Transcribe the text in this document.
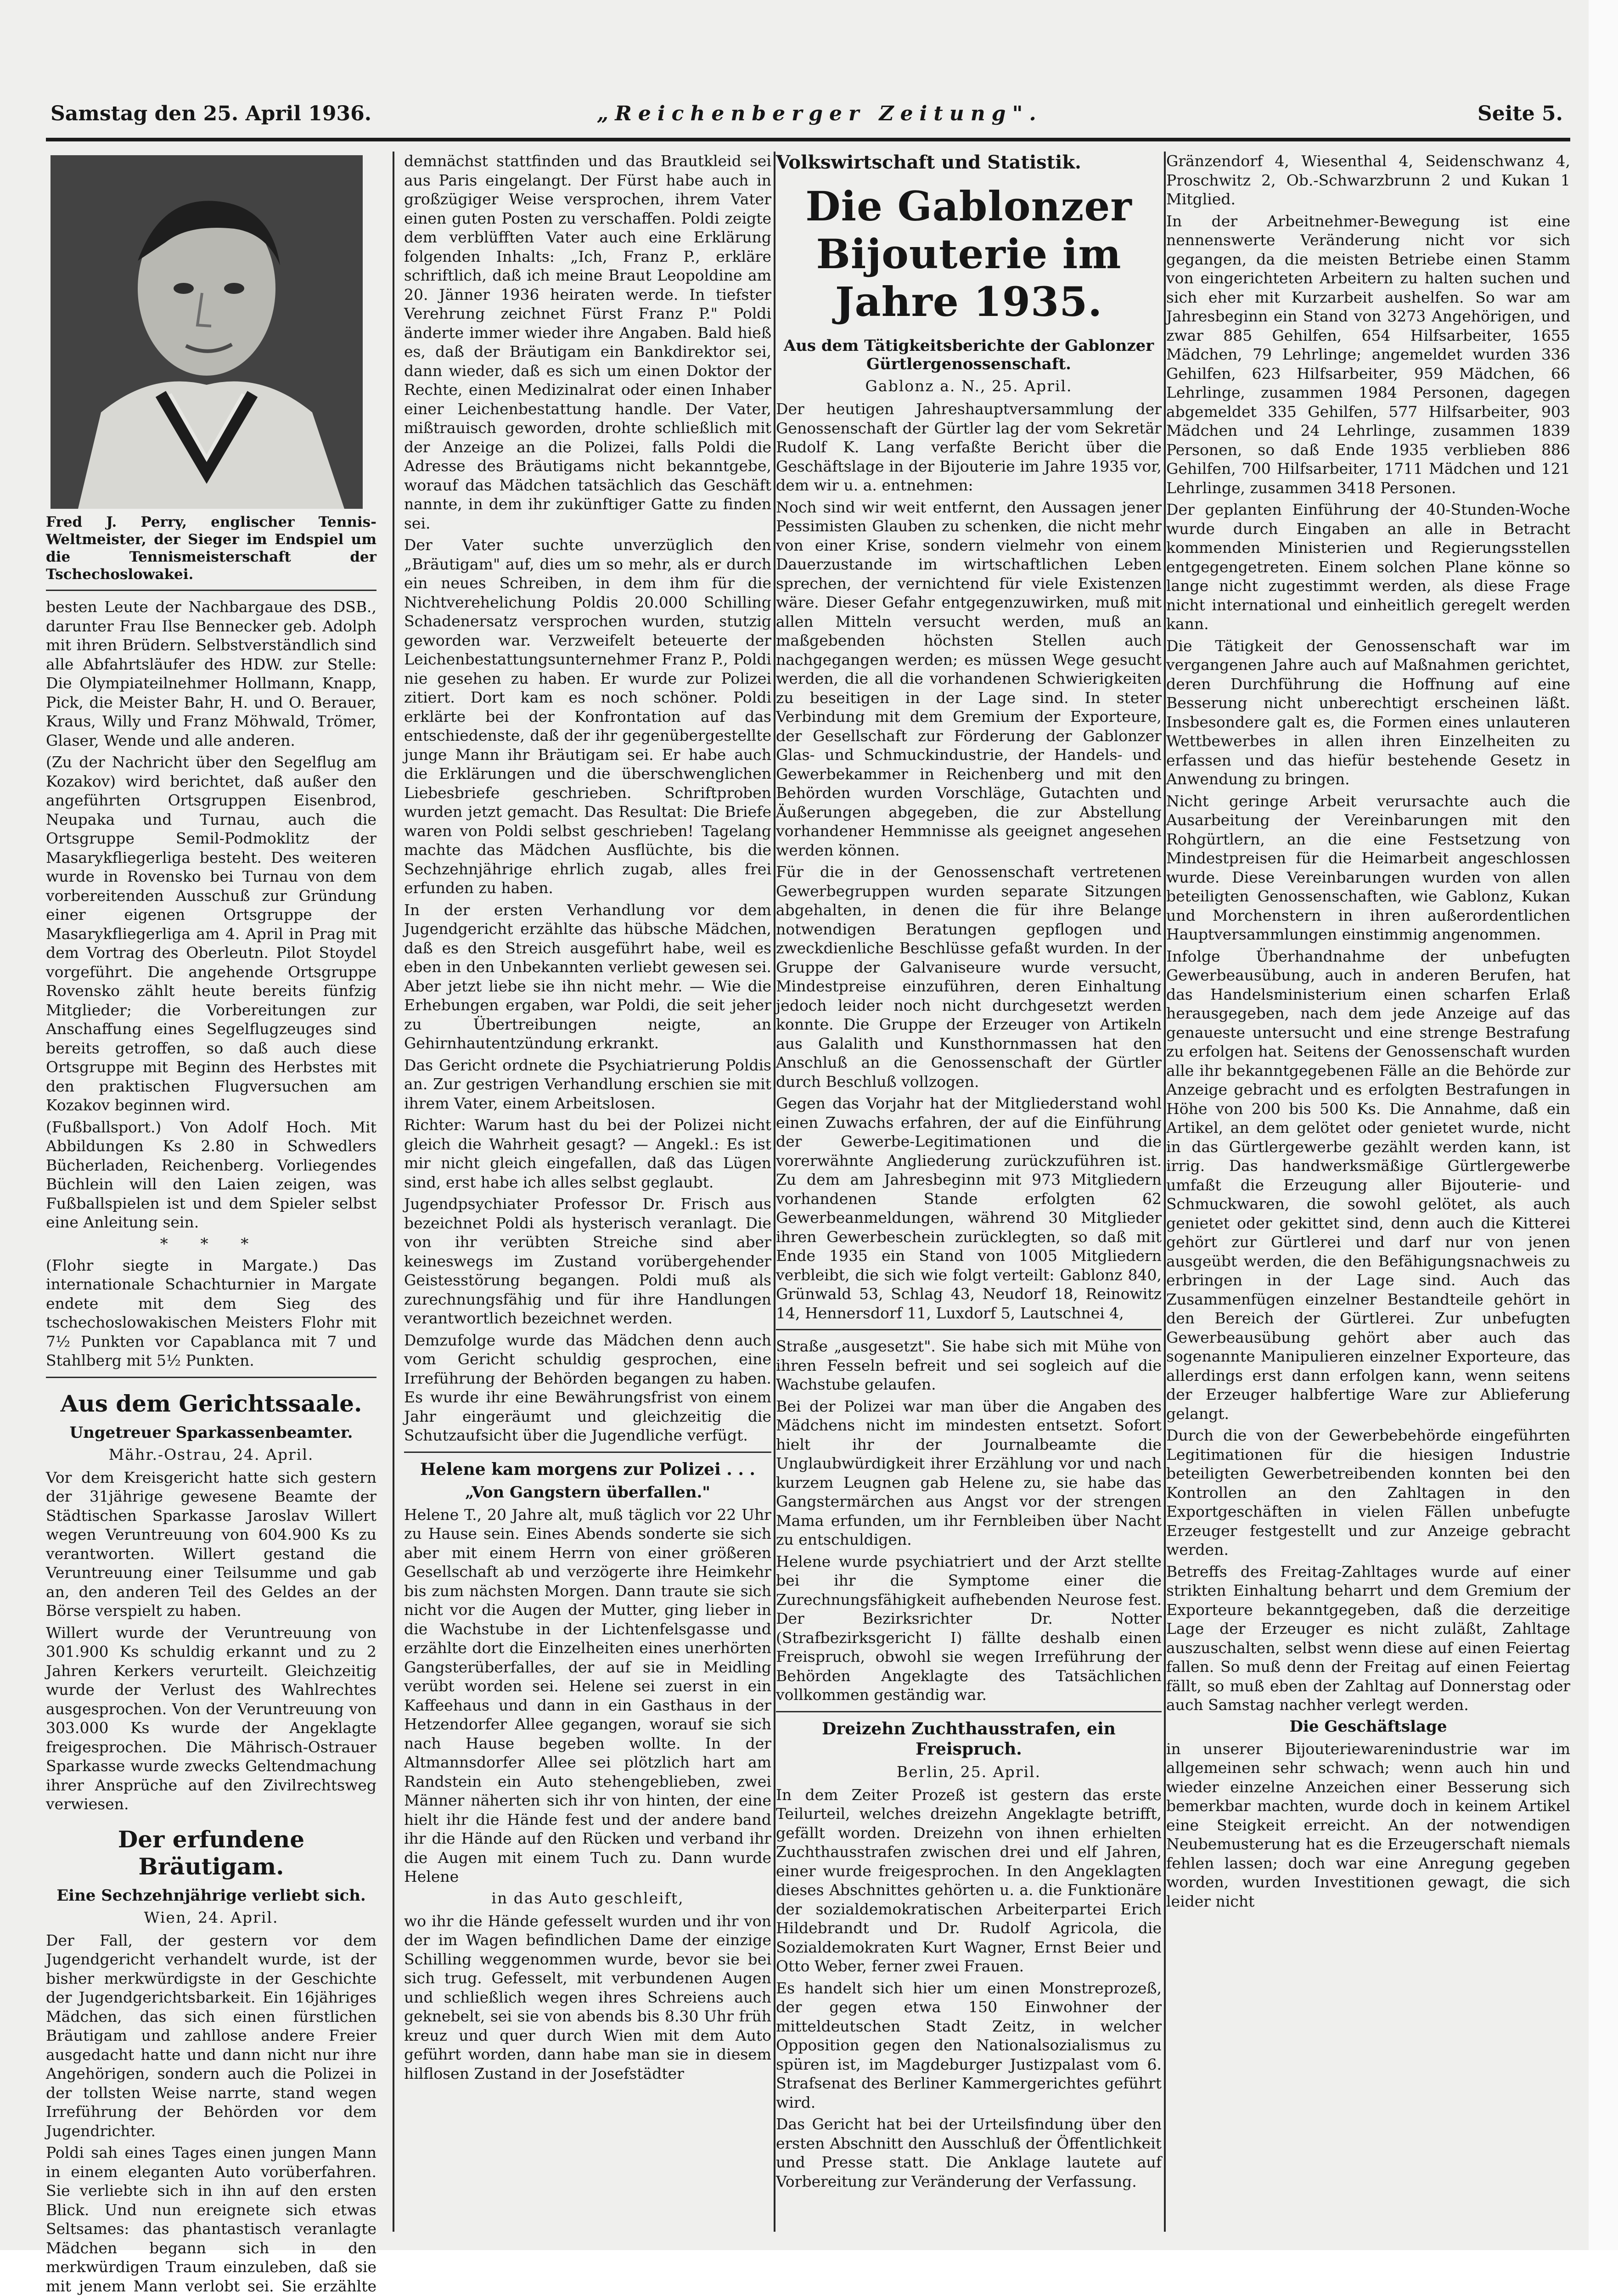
Samstag den 25. April 1936.	„Reichenberger Zeitung".	Seite 5.
Fred J. Perry, englischer Tennis-Weltmeister, der Sieger im Endspiel um die Tennismeisterschaft der Tschechoslowakei.

besten Leute der Nachbargaue des DSB., darunter Frau Ilse Bennecker geb. Adolph mit ihren Brüdern. Selbstverständlich sind alle Abfahrtsläufer des HDW. zur Stelle: Die Olympiateilnehmer Hollmann, Knapp, Pick, die Meister Bahr, H. und O. Berauer, Kraus, Willy und Franz Möhwald, Trömer, Glaser, Wende und alle anderen.

(Zu der Nachricht über den Segelflug am Kozakov) wird berichtet, daß außer den angeführten Ortsgruppen Eisenbrod, Neupaka und Turnau, auch die Ortsgruppe Semil-Podmoklitz der Masarykfliegerliga besteht. Des weiteren wurde in Rovensko bei Turnau von dem vorbereitenden Ausschuß zur Gründung einer eigenen Ortsgruppe der Masarykfliegerliga am 4. April in Prag mit dem Vortrag des Oberleutn. Pilot Stoydel vorgeführt. Die angehende Ortsgruppe Rovensko zählt heute bereits fünfzig Mitglieder; die Vorbereitungen zur Anschaffung eines Segelflugzeuges sind bereits getroffen, so daß auch diese Ortsgruppe mit Beginn des Herbstes mit den praktischen Flugversuchen am Kozakov beginnen wird.

(Fußballsport.) Von Adolf Hoch. Mit Abbildungen Ks 2.80 in Schwedlers Bücherladen, Reichenberg. Vorliegendes Büchlein will den Laien zeigen, was Fußballspielen ist und dem Spieler selbst eine Anleitung sein.

* * *

(Flohr siegte in Margate.) Das internationale Schachturnier in Margate endete mit dem Sieg des tschechoslowakischen Meisters Flohr mit 7½ Punkten vor Capablanca mit 7 und Stahlberg mit 5½ Punkten.

Aus dem Gerichtssaale.
Ungetreuer Sparkassenbeamter.
Mähr.-Ostrau, 24. April.

Vor dem Kreisgericht hatte sich gestern der 31jährige gewesene Beamte der Städtischen Sparkasse Jaroslav Willert wegen Veruntreuung von 604.900 Ks zu verantworten. Willert gestand die Veruntreuung einer Teilsumme und gab an, den anderen Teil des Geldes an der Börse verspielt zu haben.

Willert wurde der Veruntreuung von 301.900 Ks schuldig erkannt und zu 2 Jahren Kerkers verurteilt. Gleichzeitig wurde der Verlust des Wahlrechtes ausgesprochen. Von der Veruntreuung von 303.000 Ks wurde der Angeklagte freigesprochen. Die Mährisch-Ostrauer Sparkasse wurde zwecks Geltendmachung ihrer Ansprüche auf den Zivilrechtsweg verwiesen.

Der erfundene Bräutigam.
Eine Sechzehnjährige verliebt sich.
Wien, 24. April.

Der Fall, der gestern vor dem Jugendgericht verhandelt wurde, ist der bisher merkwürdigste in der Geschichte der Jugendgerichtsbarkeit. Ein 16jähriges Mädchen, das sich einen fürstlichen Bräutigam und zahllose andere Freier ausgedacht hatte und dann nicht nur ihre Angehörigen, sondern auch die Polizei in der tollsten Weise narrte, stand wegen Irreführung der Behörden vor dem Jugendrichter.

Poldi sah eines Tages einen jungen Mann in einem eleganten Auto vorüberfahren. Sie verliebte sich in ihn auf den ersten Blick. Und nun ereignete sich etwas Seltsames: das phantastisch veranlagte Mädchen begann sich in den merkwürdigen Traum einzuleben, daß sie mit jenem Mann verlobt sei. Sie erzählte

demnächst stattfinden und das Brautkleid sei aus Paris eingelangt. Der Fürst habe auch in großzügiger Weise versprochen, ihrem Vater einen guten Posten zu verschaffen. Poldi zeigte dem verblüfften Vater auch eine Erklärung folgenden Inhalts: „Ich, Franz P., erkläre schriftlich, daß ich meine Braut Leopoldine am 20. Jänner 1936 heiraten werde. In tiefster Verehrung zeichnet Fürst Franz P." Poldi änderte immer wieder ihre Angaben. Bald hieß es, daß der Bräutigam ein Bankdirektor sei, dann wieder, daß es sich um einen Doktor der Rechte, einen Medizinalrat oder einen Inhaber einer Leichenbestattung handle. Der Vater, mißtrauisch geworden, drohte schließlich mit der Anzeige an die Polizei, falls Poldi die Adresse des Bräutigams nicht bekanntgebe, worauf das Mädchen tatsächlich das Geschäft nannte, in dem ihr zukünftiger Gatte zu finden sei.

Der Vater suchte unverzüglich den „Bräutigam" auf, dies um so mehr, als er durch ein neues Schreiben, in dem ihm für die Nichtverehelichung Poldis 20.000 Schilling Schadenersatz versprochen wurden, stutzig geworden war. Verzweifelt beteuerte der Leichenbestattungsunternehmer Franz P., Poldi nie gesehen zu haben. Er wurde zur Polizei zitiert. Dort kam es noch schöner. Poldi erklärte bei der Konfrontation auf das entschiedenste, daß der ihr gegenübergestellte junge Mann ihr Bräutigam sei. Er habe auch die Erklärungen und die überschwenglichen Liebesbriefe geschrieben. Schriftproben wurden jetzt gemacht. Das Resultat: Die Briefe waren von Poldi selbst geschrieben! Tagelang machte das Mädchen Ausflüchte, bis die Sechzehnjährige ehrlich zugab, alles frei erfunden zu haben.

In der ersten Verhandlung vor dem Jugendgericht erzählte das hübsche Mädchen, daß es den Streich ausgeführt habe, weil es eben in den Unbekannten verliebt gewesen sei. Aber jetzt liebe sie ihn nicht mehr. — Wie die Erhebungen ergaben, war Poldi, die seit jeher zu Übertreibungen neigte, an Gehirnhautentzündung erkrankt.

Das Gericht ordnete die Psychiatrierung Poldis an. Zur gestrigen Verhandlung erschien sie mit ihrem Vater, einem Arbeitslosen.

Richter: Warum hast du bei der Polizei nicht gleich die Wahrheit gesagt? — Angekl.: Es ist mir nicht gleich eingefallen, daß das Lügen sind, erst habe ich alles selbst geglaubt.

Jugendpsychiater Professor Dr. Frisch aus bezeichnet Poldi als hysterisch veranlagt. Die von ihr verübten Streiche sind aber keineswegs im Zustand vorübergehender Geistesstörung begangen. Poldi muß als zurechnungsfähig und für ihre Handlungen verantwortlich bezeichnet werden.

Demzufolge wurde das Mädchen denn auch vom Gericht schuldig gesprochen, eine Irreführung der Behörden begangen zu haben. Es wurde ihr eine Bewährungsfrist von einem Jahr eingeräumt und gleichzeitig die Schutzaufsicht über die Jugendliche verfügt.

Helene kam morgens zur Polizei . . .
„Von Gangstern überfallen."

Helene T., 20 Jahre alt, muß täglich vor 22 Uhr zu Hause sein. Eines Abends sonderte sie sich aber mit einem Herrn von einer größeren Gesellschaft ab und verzögerte ihre Heimkehr bis zum nächsten Morgen. Dann traute sie sich nicht vor die Augen der Mutter, ging lieber in die Wachstube in der Lichtenfelsgasse und erzählte dort die Einzelheiten eines unerhörten Gangsterüberfalles, der auf sie in Meidling verübt worden sei. Helene sei zuerst in ein Kaffeehaus und dann in ein Gasthaus in der Hetzendorfer Allee gegangen, worauf sie sich nach Hause begeben wollte. In der Altmannsdorfer Allee sei plötzlich hart am Randstein ein Auto stehengeblieben, zwei Männer näherten sich ihr von hinten, der eine hielt ihr die Hände fest und der andere band ihr die Hände auf den Rücken und verband ihr die Augen mit einem Tuch zu. Dann wurde Helene

in das Auto geschleift,

wo ihr die Hände gefesselt wurden und ihr von der im Wagen befindlichen Dame der einzige Schilling weggenommen wurde, bevor sie bei sich trug. Gefesselt, mit verbundenen Augen und schließlich wegen ihres Schreiens auch geknebelt, sei sie von abends bis 8.30 Uhr früh kreuz und quer durch Wien mit dem Auto geführt worden, dann habe man sie in diesem hilflosen Zustand in der Josefstädter

Volkswirtschaft und Statistik.
Die Gablonzer Bijouterie im Jahre 1935.
Aus dem Tätigkeitsberichte der Gablonzer Gürtlergenossenschaft.
Gablonz a. N., 25. April.

Der heutigen Jahreshauptversammlung der Genossenschaft der Gürtler lag der vom Sekretär Rudolf K. Lang verfaßte Bericht über die Geschäftslage in der Bijouterie im Jahre 1935 vor, dem wir u. a. entnehmen:

Noch sind wir weit entfernt, den Aussagen jener Pessimisten Glauben zu schenken, die nicht mehr von einer Krise, sondern vielmehr von einem Dauerzustande im wirtschaftlichen Leben sprechen, der vernichtend für viele Existenzen wäre. Dieser Gefahr entgegenzuwirken, muß mit allen Mitteln versucht werden, muß an maßgebenden höchsten Stellen auch nachgegangen werden; es müssen Wege gesucht werden, die all die vorhandenen Schwierigkeiten zu beseitigen in der Lage sind. In steter Verbindung mit dem Gremium der Exporteure, der Gesellschaft zur Förderung der Gablonzer Glas- und Schmuckindustrie, der Handels- und Gewerbekammer in Reichenberg und mit den Behörden wurden Vorschläge, Gutachten und Äußerungen abgegeben, die zur Abstellung vorhandener Hemmnisse als geeignet angesehen werden können.

Für die in der Genossenschaft vertretenen Gewerbegruppen wurden separate Sitzungen abgehalten, in denen die für ihre Belange notwendigen Beratungen gepflogen und zweckdienliche Beschlüsse gefaßt wurden. In der Gruppe der Galvaniseure wurde versucht, Mindestpreise einzuführen, deren Einhaltung jedoch leider noch nicht durchgesetzt werden konnte. Die Gruppe der Erzeuger von Artikeln aus Galalith und Kunsthornmassen hat den Anschluß an die Genossenschaft der Gürtler durch Beschluß vollzogen.

Gegen das Vorjahr hat der Mitgliederstand wohl einen Zuwachs erfahren, der auf die Einführung der Gewerbe-Legitimationen und die vorerwähnte Angliederung zurückzuführen ist. Zu dem am Jahresbeginn mit 973 Mitgliedern vorhandenen Stande erfolgten 62 Gewerbeanmeldungen, während 30 Mitglieder ihren Gewerbeschein zurücklegten, so daß mit Ende 1935 ein Stand von 1005 Mitgliedern verbleibt, die sich wie folgt verteilt: Gablonz 840, Grünwald 53, Schlag 43, Neudorf 18, Reinowitz 14, Hennersdorf 11, Luxdorf 5, Lautschnei 4,

Straße „ausgesetzt". Sie habe sich mit Mühe von ihren Fesseln befreit und sei sogleich auf die Wachstube gelaufen.

Bei der Polizei war man über die Angaben des Mädchens nicht im mindesten entsetzt. Sofort hielt ihr der Journalbeamte die Unglaubwürdigkeit ihrer Erzählung vor und nach kurzem Leugnen gab Helene zu, sie habe das Gangstermärchen aus Angst vor der strengen Mama erfunden, um ihr Fernbleiben über Nacht zu entschuldigen.

Helene wurde psychiatriert und der Arzt stellte bei ihr die Symptome einer die Zurechnungsfähigkeit aufhebenden Neurose fest. Der Bezirksrichter Dr. Notter (Strafbezirksgericht I) fällte deshalb einen Freispruch, obwohl sie wegen Irreführung der Behörden Angeklagte des Tatsächlichen vollkommen geständig war.

Dreizehn Zuchthausstrafen, ein Freispruch.
Berlin, 25. April.

In dem Zeiter Prozeß ist gestern das erste Teilurteil, welches dreizehn Angeklagte betrifft, gefällt worden. Dreizehn von ihnen erhielten Zuchthausstrafen zwischen drei und elf Jahren, einer wurde freigesprochen. In den Angeklagten dieses Abschnittes gehörten u. a. die Funktionäre der sozialdemokratischen Arbeiterpartei Erich Hildebrandt und Dr. Rudolf Agricola, die Sozialdemokraten Kurt Wagner, Ernst Beier und Otto Weber, ferner zwei Frauen.

Es handelt sich hier um einen Monstreprozeß, der gegen etwa 150 Einwohner der mitteldeutschen Stadt Zeitz, in welcher Opposition gegen den Nationalsozialismus zu spüren ist, im Magdeburger Justizpalast vom 6. Strafsenat des Berliner Kammergerichtes geführt wird.

Das Gericht hat bei der Urteilsfindung über den ersten Abschnitt den Ausschluß der Öffentlichkeit und Presse statt. Die Anklage lautete auf Vorbereitung zur Veränderung der Verfassung.

Gränzendorf 4, Wiesenthal 4, Seidenschwanz 4, Proschwitz 2, Ob.-Schwarzbrunn 2 und Kukan 1 Mitglied.

In der Arbeitnehmer-Bewegung ist eine nennenswerte Veränderung nicht vor sich gegangen, da die meisten Betriebe einen Stamm von eingerichteten Arbeitern zu halten suchen und sich eher mit Kurzarbeit aushelfen. So war am Jahresbeginn ein Stand von 3273 Angehörigen, und zwar 885 Gehilfen, 654 Hilfsarbeiter, 1655 Mädchen, 79 Lehrlinge; angemeldet wurden 336 Gehilfen, 623 Hilfsarbeiter, 959 Mädchen, 66 Lehrlinge, zusammen 1984 Personen, dagegen abgemeldet 335 Gehilfen, 577 Hilfsarbeiter, 903 Mädchen und 24 Lehrlinge, zusammen 1839 Personen, so daß Ende 1935 verblieben 886 Gehilfen, 700 Hilfsarbeiter, 1711 Mädchen und 121 Lehrlinge, zusammen 3418 Personen.

Der geplanten Einführung der 40-Stunden-Woche wurde durch Eingaben an alle in Betracht kommenden Ministerien und Regierungsstellen entgegengetreten. Einem solchen Plane könne so lange nicht zugestimmt werden, als diese Frage nicht international und einheitlich geregelt werden kann.

Die Tätigkeit der Genossenschaft war im vergangenen Jahre auch auf Maßnahmen gerichtet, deren Durchführung die Hoffnung auf eine Besserung nicht unberechtigt erscheinen läßt. Insbesondere galt es, die Formen eines unlauteren Wettbewerbes in allen ihren Einzelheiten zu erfassen und das hiefür bestehende Gesetz in Anwendung zu bringen.

Nicht geringe Arbeit verursachte auch die Ausarbeitung der Vereinbarungen mit den Rohgürtlern, an die eine Festsetzung von Mindestpreisen für die Heimarbeit angeschlossen wurde. Diese Vereinbarungen wurden von allen beteiligten Genossenschaften, wie Gablonz, Kukan und Morchenstern in ihren außerordentlichen Hauptversammlungen einstimmig angenommen.

Infolge Überhandnahme der unbefugten Gewerbeausübung, auch in anderen Berufen, hat das Handelsministerium einen scharfen Erlaß herausgegeben, nach dem jede Anzeige auf das genaueste untersucht und eine strenge Bestrafung zu erfolgen hat. Seitens der Genossenschaft wurden alle ihr bekanntgegebenen Fälle an die Behörde zur Anzeige gebracht und es erfolgten Bestrafungen in Höhe von 200 bis 500 Ks. Die Annahme, daß ein Artikel, an dem gelötet oder genietet wurde, nicht in das Gürtlergewerbe gezählt werden kann, ist irrig. Das handwerksmäßige Gürtlergewerbe umfaßt die Erzeugung aller Bijouterie- und Schmuckwaren, die sowohl gelötet, als auch genietet oder gekittet sind, denn auch die Kitterei gehört zur Gürtlerei und darf nur von jenen ausgeübt werden, die den Befähigungsnachweis zu erbringen in der Lage sind. Auch das Zusammenfügen einzelner Bestandteile gehört in den Bereich der Gürtlerei. Zur unbefugten Gewerbeausübung gehört aber auch das sogenannte Manipulieren einzelner Exporteure, das allerdings erst dann erfolgen kann, wenn seitens der Erzeuger halbfertige Ware zur Ablieferung gelangt.

Durch die von der Gewerbebehörde eingeführten Legitimationen für die hiesigen Industrie beteiligten Gewerbetreibenden konnten bei den Kontrollen an den Zahltagen in den Exportgeschäften in vielen Fällen unbefugte Erzeuger festgestellt und zur Anzeige gebracht werden.

Betreffs des Freitag-Zahltages wurde auf einer strikten Einhaltung beharrt und dem Gremium der Exporteure bekanntgegeben, daß die derzeitige Lage der Erzeuger es nicht zuläßt, Zahltage auszuschalten, selbst wenn diese auf einen Feiertag fallen. So muß denn der Freitag auf einen Feiertag fällt, so muß eben der Zahltag auf Donnerstag oder auch Samstag nachher verlegt werden.

Die Geschäftslage

in unserer Bijouteriewarenindustrie war im allgemeinen sehr schwach; wenn auch hin und wieder einzelne Anzeichen einer Besserung sich bemerkbar machten, wurde doch in keinem Artikel eine Steigkeit erreicht. An der notwendigen Neubemusterung hat es die Erzeugerschaft niemals fehlen lassen; doch war eine Anregung gegeben worden, wurden Investitionen gewagt, die sich leider nicht
